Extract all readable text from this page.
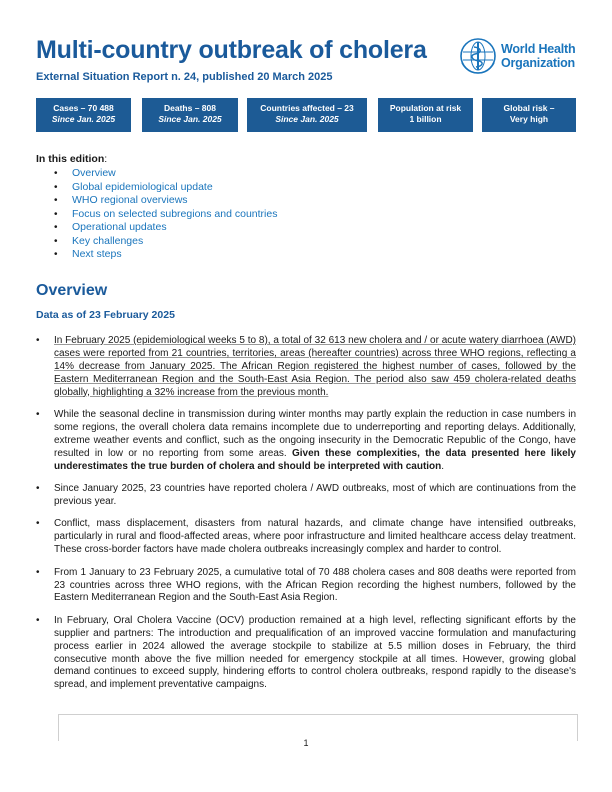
Multi-country outbreak of cholera
External Situation Report n. 24, published 20 March 2025
World Health
Organization
Cases – 70 488
Since Jan. 2025
Deaths – 808
Since Jan. 2025
Countries affected – 23
Since Jan. 2025
Population at risk
1 billion
Global risk –
Very high
In this edition:
• Overview
• Global epidemiological update
• WHO regional overviews
• Focus on selected subregions and countries
• Operational updates
• Key challenges
• Next steps
Overview
Data as of 23 February 2025
• In February 2025 (epidemiological weeks 5 to 8), a total of 32 613 new cholera and / or acute watery diarrhoea (AWD) cases were reported from 21 countries, territories, areas (hereafter countries) across three WHO regions, reflecting a 14% decrease from January 2025. The African Region registered the highest number of cases, followed by the Eastern Mediterranean Region and the South-East Asia Region. The period also saw 459 cholera-related deaths globally, highlighting a 32% increase from the previous month.
• While the seasonal decline in transmission during winter months may partly explain the reduction in case numbers in some regions, the overall cholera data remains incomplete due to underreporting and reporting delays. Additionally, extreme weather events and conflict, such as the ongoing insecurity in the Democratic Republic of the Congo, have resulted in low or no reporting from some areas. Given these complexities, the data presented here likely underestimates the true burden of cholera and should be interpreted with caution.
• Since January 2025, 23 countries have reported cholera / AWD outbreaks, most of which are continuations from the previous year.
• Conflict, mass displacement, disasters from natural hazards, and climate change have intensified outbreaks, particularly in rural and flood-affected areas, where poor infrastructure and limited healthcare access delay treatment. These cross-border factors have made cholera outbreaks increasingly complex and harder to control.
• From 1 January to 23 February 2025, a cumulative total of 70 488 cholera cases and 808 deaths were reported from 23 countries across three WHO regions, with the African Region recording the highest numbers, followed by the Eastern Mediterranean Region and the South-East Asia Region.
• In February, Oral Cholera Vaccine (OCV) production remained at a high level, reflecting significant efforts by the supplier and partners: The introduction and prequalification of an improved vaccine formulation and manufacturing process earlier in 2024 allowed the average stockpile to stabilize at 5.5 million doses in February, the third consecutive month above the five million needed for emergency stockpile at all times. However, growing global demand continues to exceed supply, hindering efforts to control cholera outbreaks, respond rapidly to the disease's spread, and implement preventative campaigns.
1
